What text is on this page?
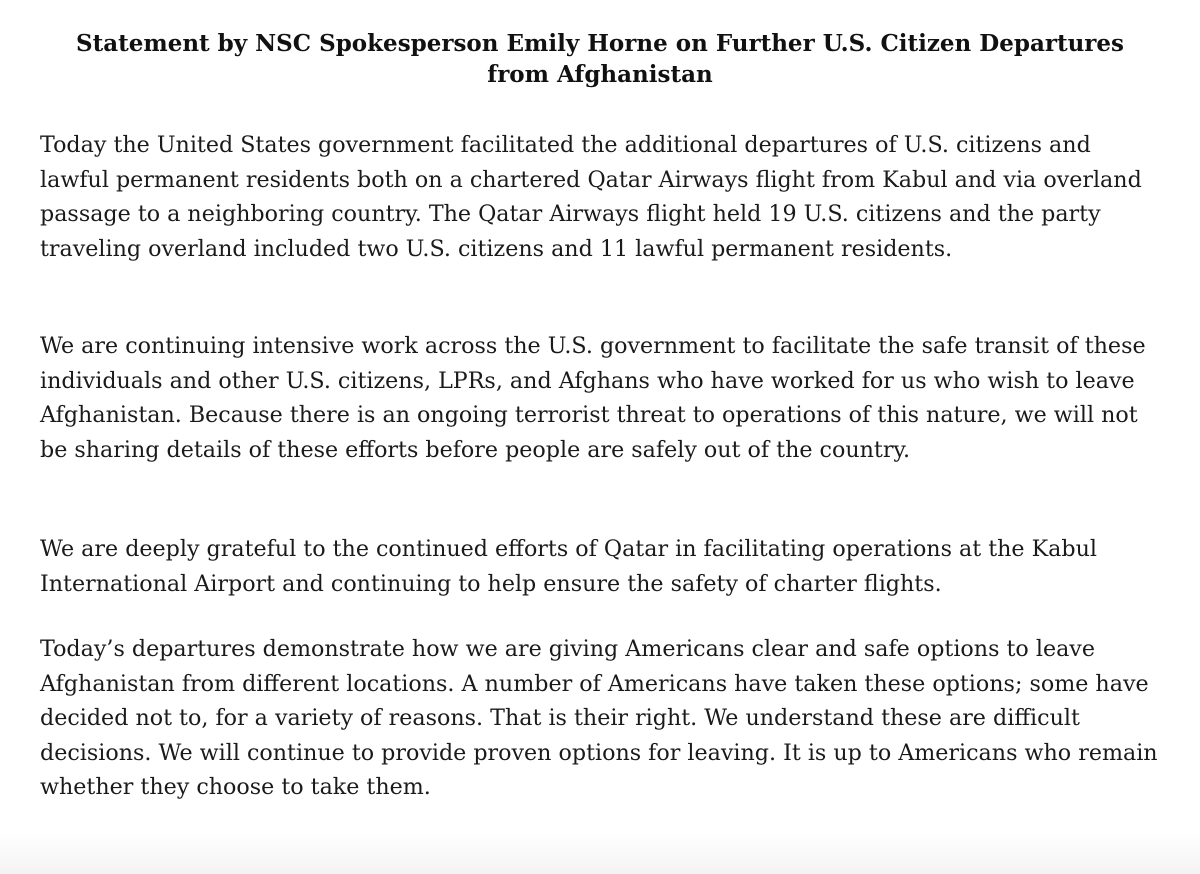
Statement by NSC Spokesperson Emily Horne on Further U.S. Citizen Departures from Afghanistan

Today the United States government facilitated the additional departures of U.S. citizens and lawful permanent residents both on a chartered Qatar Airways flight from Kabul and via overland passage to a neighboring country. The Qatar Airways flight held 19 U.S. citizens and the party traveling overland included two U.S. citizens and 11 lawful permanent residents.

We are continuing intensive work across the U.S. government to facilitate the safe transit of these individuals and other U.S. citizens, LPRs, and Afghans who have worked for us who wish to leave Afghanistan. Because there is an ongoing terrorist threat to operations of this nature, we will not be sharing details of these efforts before people are safely out of the country.

We are deeply grateful to the continued efforts of Qatar in facilitating operations at the Kabul International Airport and continuing to help ensure the safety of charter flights.

Today’s departures demonstrate how we are giving Americans clear and safe options to leave Afghanistan from different locations. A number of Americans have taken these options; some have decided not to, for a variety of reasons. That is their right. We understand these are difficult decisions. We will continue to provide proven options for leaving. It is up to Americans who remain whether they choose to take them.
